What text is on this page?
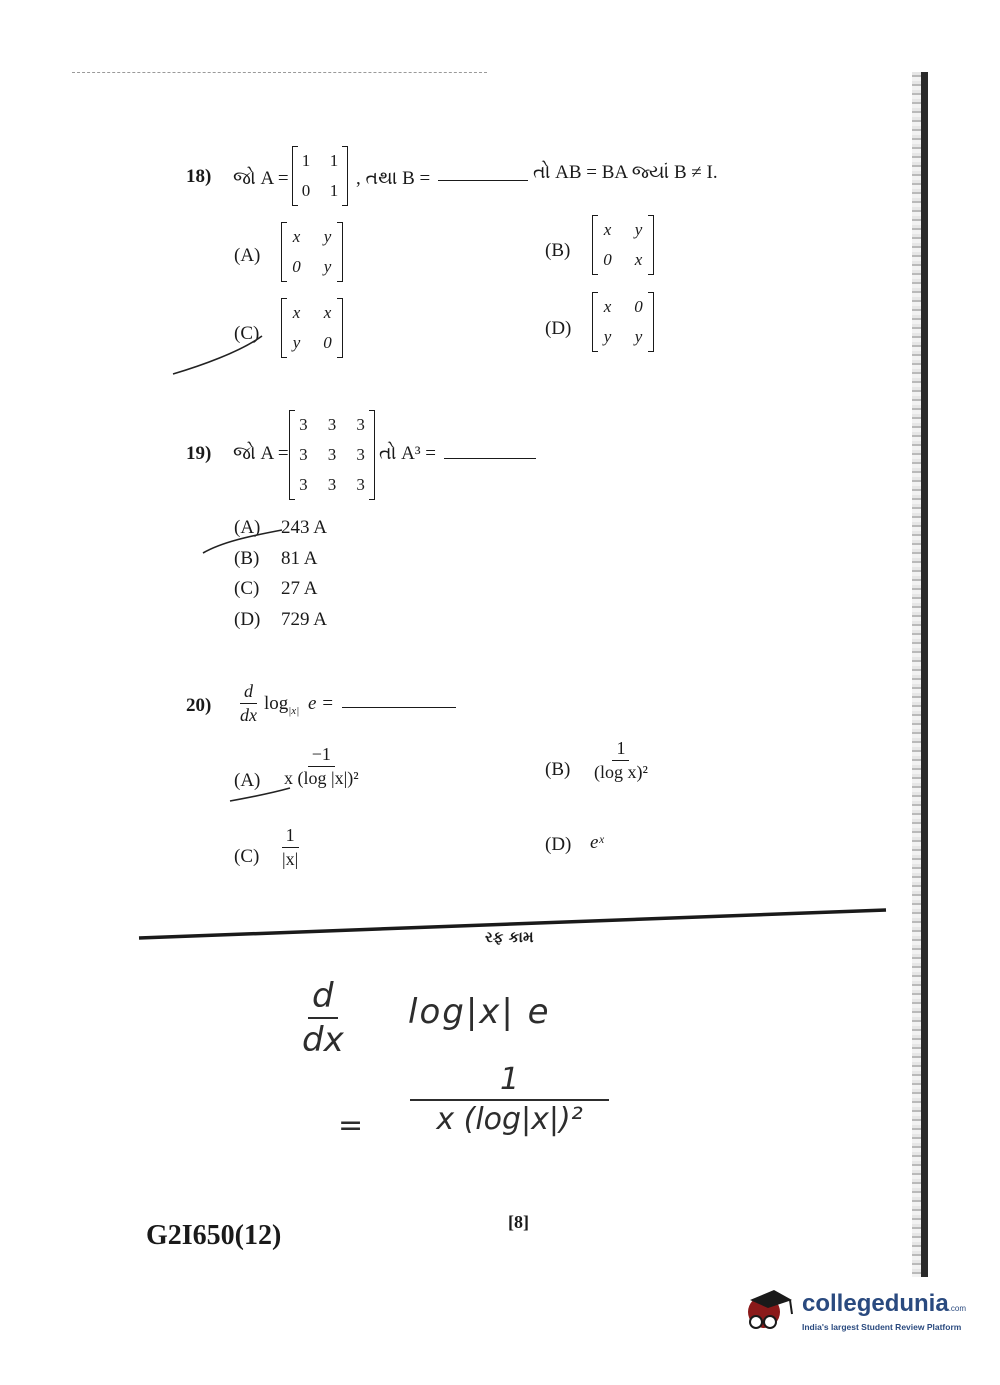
18) જો A =
1	1
0	1
, તથા B =	તો AB = BA જ્યાં B ≠ I.
(A)
x	y
0	y
(B)
x	y
0	x
(C)
x	x
y	0
(D)
x	0
y	y
19) જો A =
3	3	3
3	3	3
3	3	3
તો A³ =
(A) 243 A
(B) 81 A
(C) 27 A
(D) 729 A
$20) \frac{d}{dx} \log_{|x|} e$ =
$(A) \frac{-1}{\text{x (log |x|)²}}$	$(B) \frac{1}{\text{(log x)²}}$
$(C) \frac{1}{|x|}$	(D) eˣ
રફ કામ
$\frac{d}{dx} \log|x|$ e
= $\frac{1}{\text{x (log|x|)²}}$
G2I650(12)	[8]
collegedunia.com
India's largest Student Review Platform
